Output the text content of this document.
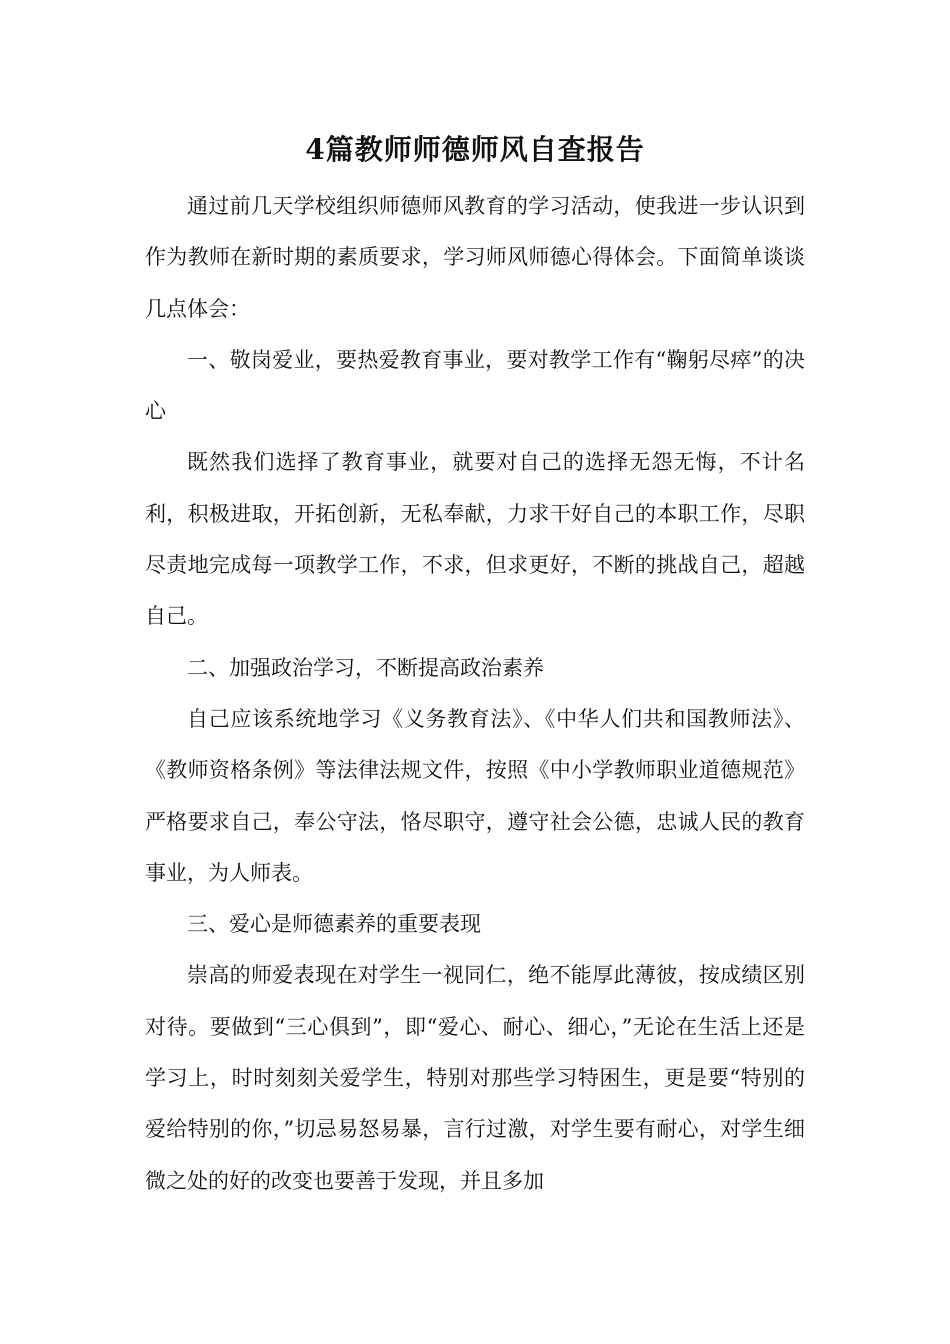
4篇教师师德师风自查报告

通过前几天学校组织师德师风教育的学习活动，使我进一步认识到作为教师在新时期的素质要求，学习师风师德心得体会。下面简单谈谈几点体会：

一、敬岗爱业，要热爱教育事业，要对教学工作有“鞠躬尽瘁”的决心

既然我们选择了教育事业，就要对自己的选择无怨无悔，不计名利，积极进取，开拓创新，无私奉献，力求干好自己的本职工作，尽职尽责地完成每一项教学工作，不求，但求更好，不断的挑战自己，超越自己。

二、加强政治学习，不断提高政治素养

自己应该系统地学习《义务教育法》、《中华人们共和国教师法》、《教师资格条例》等法律法规文件，按照《中小学教师职业道德规范》严格要求自己，奉公守法，恪尽职守，遵守社会公德，忠诚人民的教育事业，为人师表。

三、爱心是师德素养的重要表现

崇高的师爱表现在对学生一视同仁，绝不能厚此薄彼，按成绩区别对待。要做到“三心俱到”，即“爱心、耐心、细心，”无论在生活上还是学习上，时时刻刻关爱学生，特别对那些学习特困生，更是要“特别的爱给特别的你，”切忌易怒易暴，言行过激，对学生要有耐心，对学生细微之处的好的改变也要善于发现，并且多加
